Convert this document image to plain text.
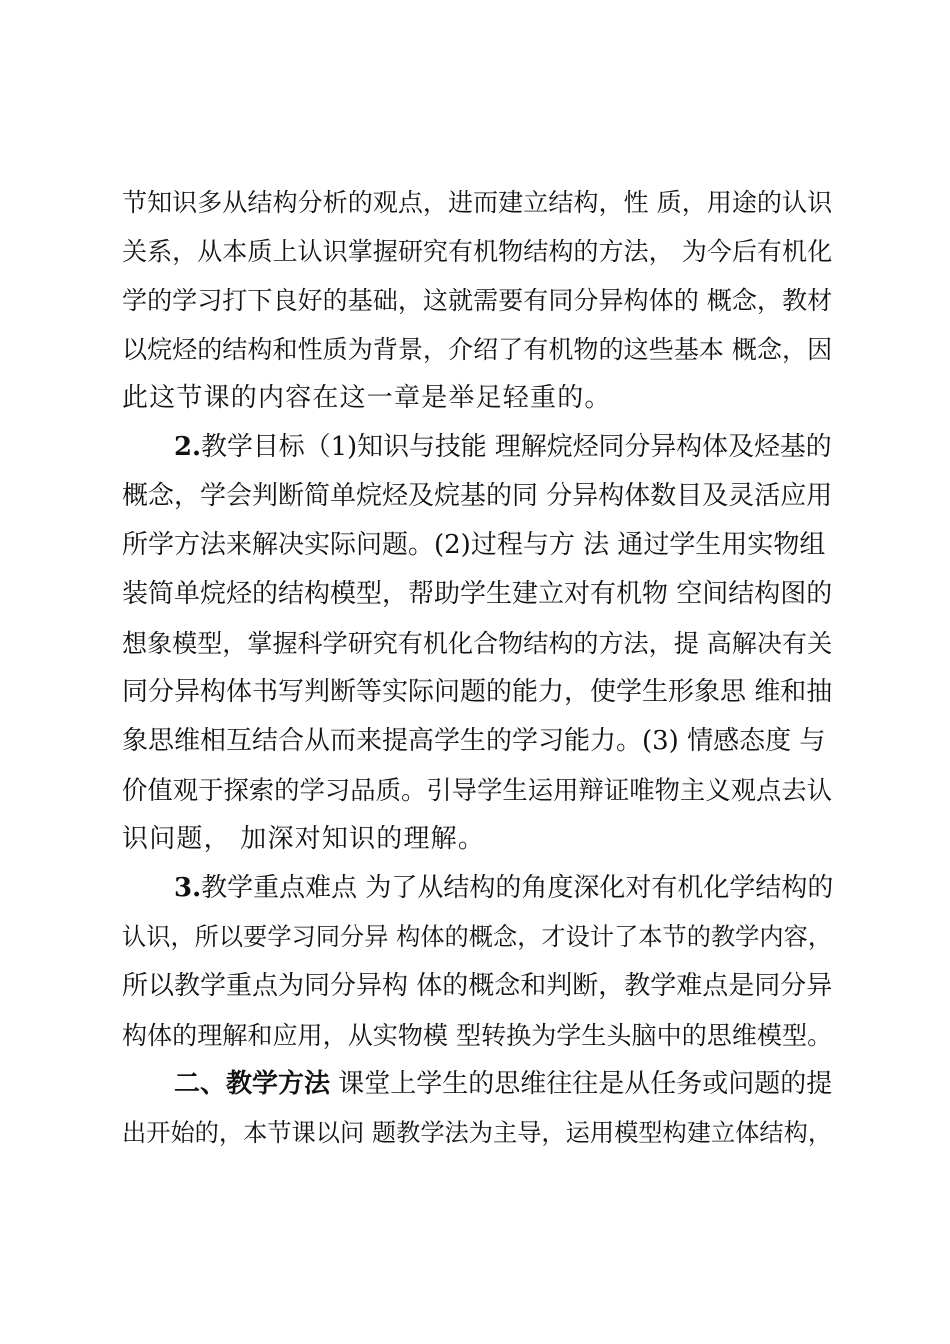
节知识多从结构分析的观点，进而建立结构，性 质，用途的认识
关系，从本质上认识掌握研究有机物结构的方法， 为今后有机化
学的学习打下良好的基础，这就需要有同分异构体的 概念，教材
以烷烃的结构和性质为背景，介绍了有机物的这些基本 概念，因
此这节课的内容在这一章是举足轻重的。
2.教学目标（1)知识与技能 理解烷烃同分异构体及烃基的
概念，学会判断简单烷烃及烷基的同 分异构体数目及灵活应用
所学方法来解决实际问题。(2)过程与方 法 通过学生用实物组
装简单烷烃的结构模型，帮助学生建立对有机物 空间结构图的
想象模型，掌握科学研究有机化合物结构的方法，提 高解决有关
同分异构体书写判断等实际问题的能力，使学生形象思 维和抽
象思维相互结合从而来提高学生的学习能力。(3) 情感态度 与
价值观于探索的学习品质。引导学生运用辩证唯物主义观点去认
识问题， 加深对知识的理解。
3.教学重点难点 为了从结构的角度深化对有机化学结构的
认识，所以要学习同分异 构体的概念，才设计了本节的教学内容，
所以教学重点为同分异构 体的概念和判断，教学难点是同分异
构体的理解和应用，从实物模 型转换为学生头脑中的思维模型。
二、教学方法 课堂上学生的思维往往是从任务或问题的提
出开始的，本节课以问 题教学法为主导，运用模型构建立体结构，
